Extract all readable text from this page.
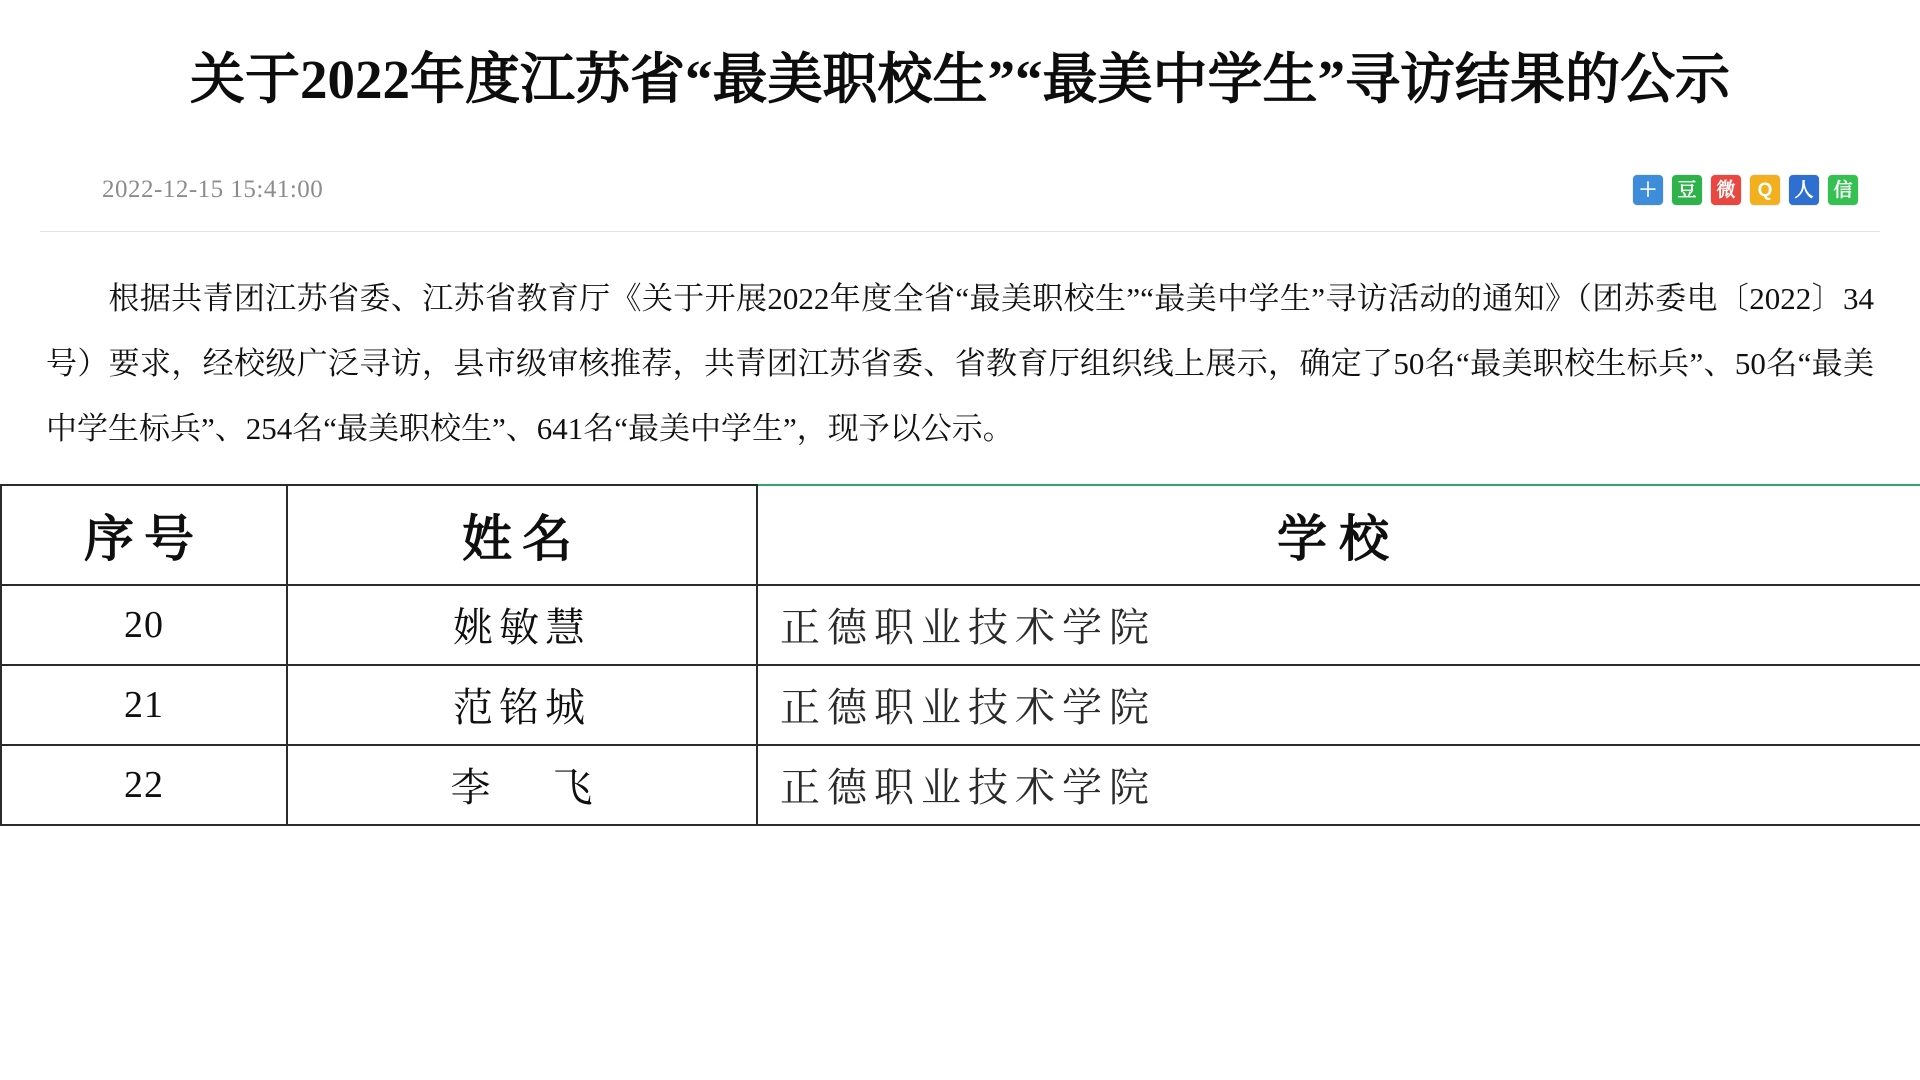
关于2022年度江苏省“最美职校生”“最美中学生”寻访结果的公示
2022-12-15 15:41:00	＋ 豆 微	Q	人 信

根据共青团江苏省委、江苏省教育厅《关于开展2022年度全省“最美职校生”“最美中学生”寻访活动的通知》（团苏委电〔2022〕34号）要求，经校级广泛寻访，县市级审核推荐，共青团江苏省委、省教育厅组织线上展示，确定了50名“最美职校生标兵”、50名“最美中学生标兵”、254名“最美职校生”、641名“最美中学生”，现予以公示。

序号	姓名	学校
20	姚敏慧	正德职业技术学院
21	范铭城	正德职业技术学院
22	李 飞	正德职业技术学院
